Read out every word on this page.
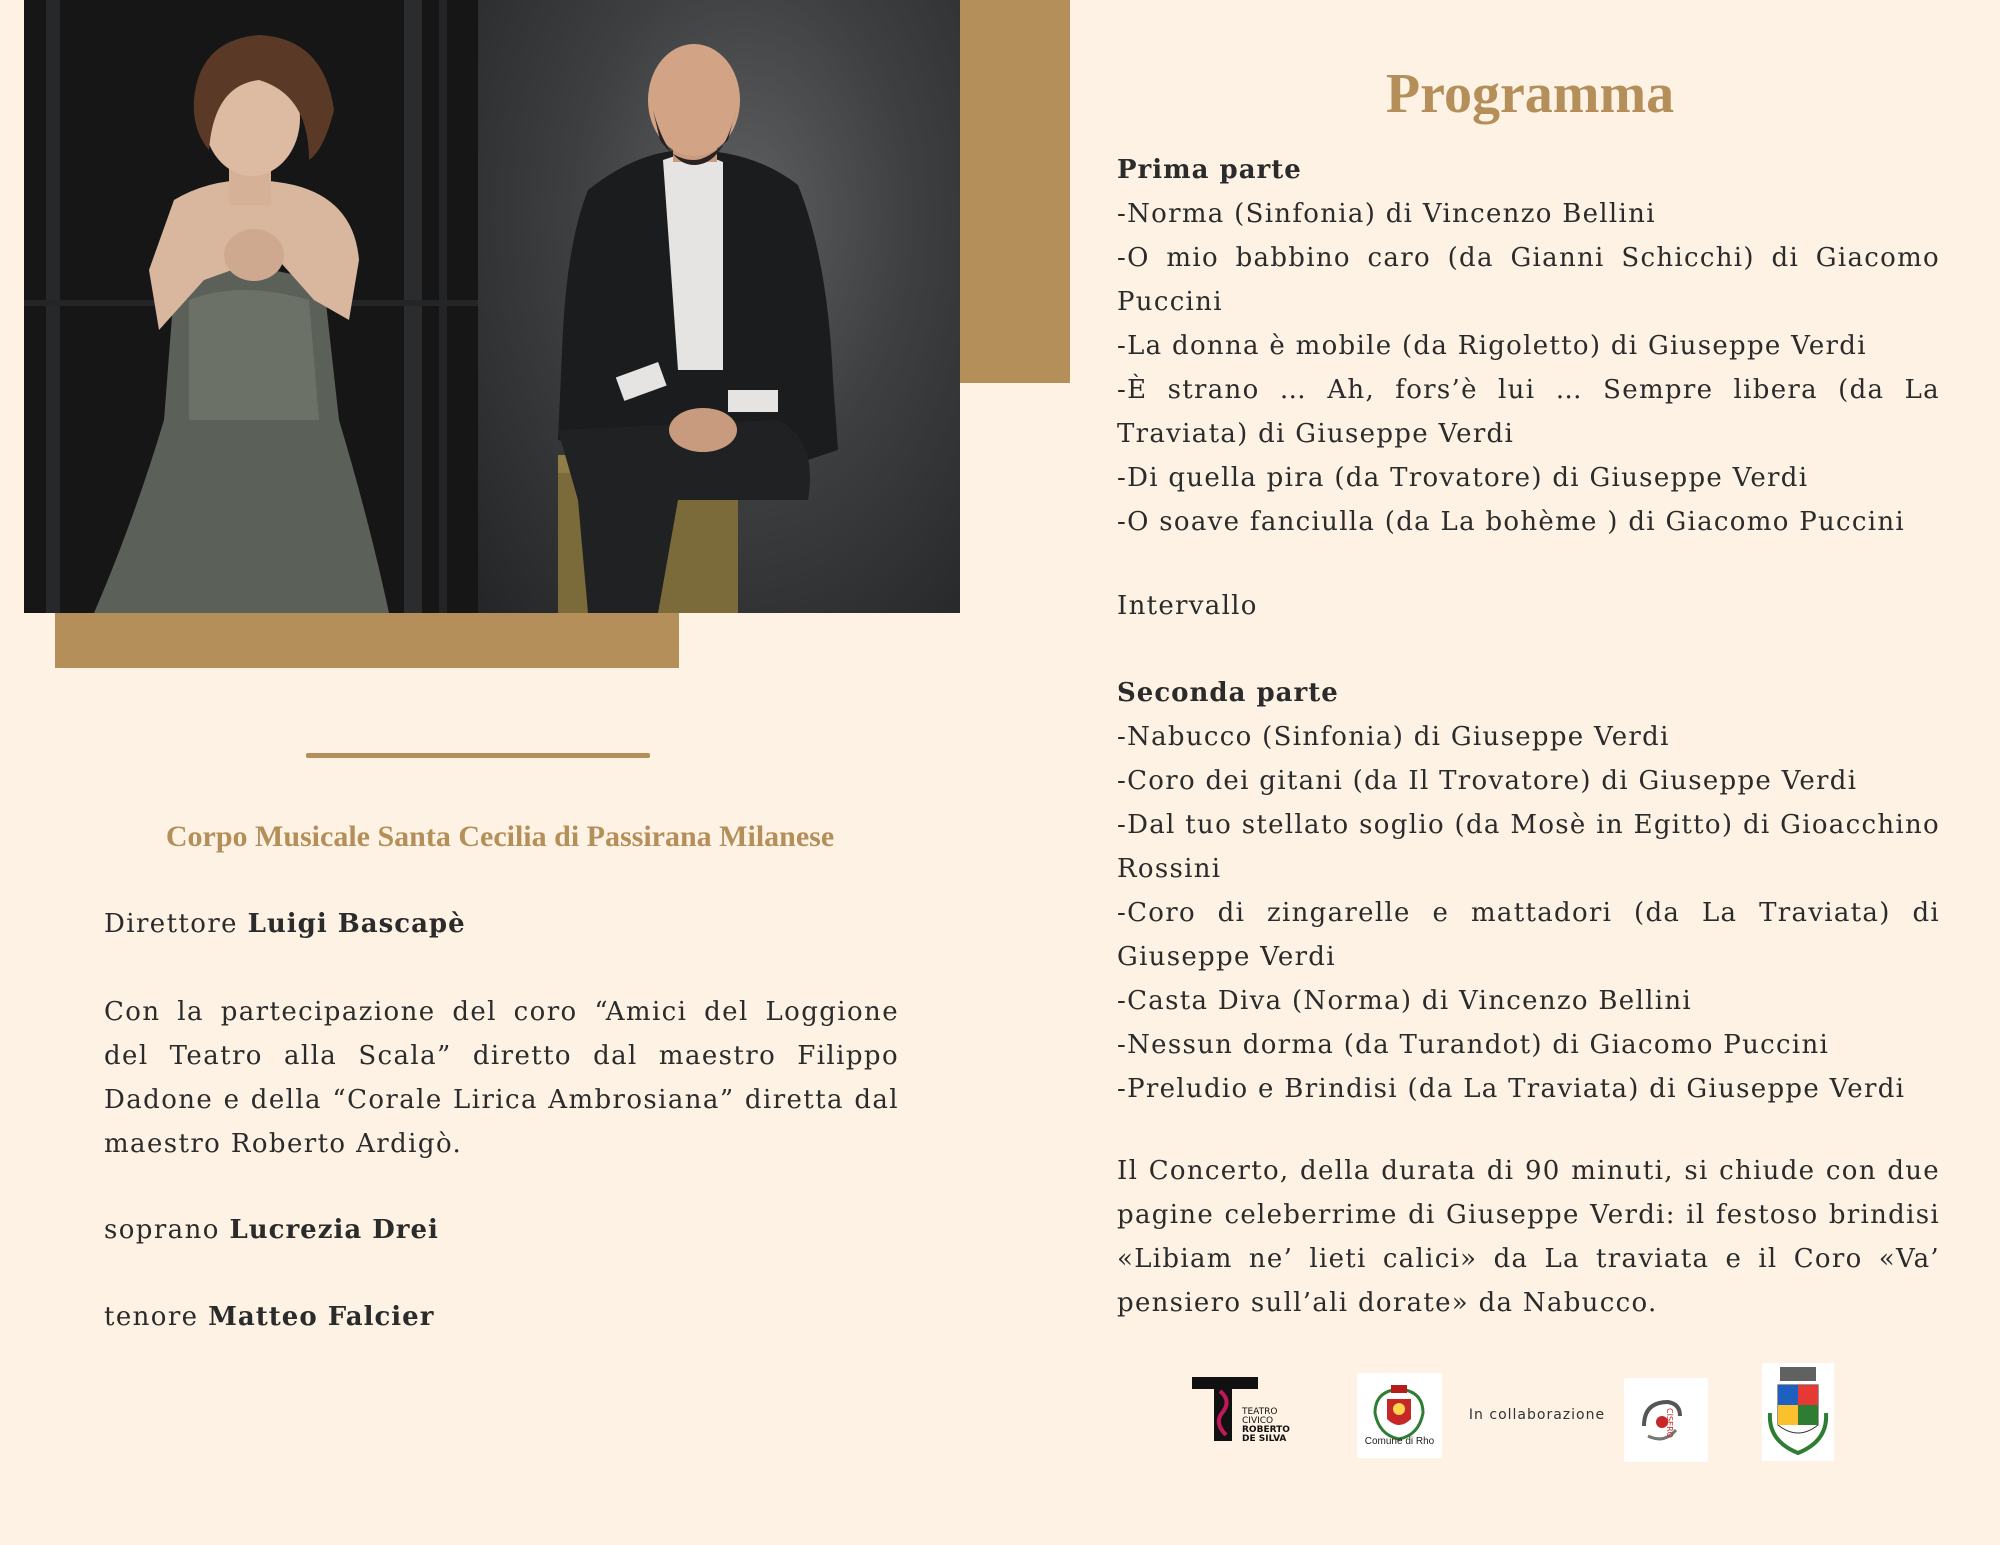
Corpo Musicale Santa Cecilia di Passirana Milanese
Direttore Luigi Bascapè
Con la partecipazione del coro “Amici del Loggione del Teatro alla Scala” diretto dal maestro Filippo Dadone e della “Corale Lirica Ambrosiana” diretta dal maestro Roberto Ardigò.
soprano Lucrezia Drei
tenore Matteo Falcier
Programma
Prima parte
-Norma (Sinfonia) di Vincenzo Bellini
-O mio babbino caro (da Gianni Schicchi) di Giacomo Puccini
-La donna è mobile (da Rigoletto) di Giuseppe Verdi
-È strano … Ah, fors’è lui … Sempre libera (da La Traviata) di Giuseppe Verdi
-Di quella pira (da Trovatore) di Giuseppe Verdi
-O soave fanciulla (da La bohème ) di Giacomo Puccini
Intervallo
Seconda parte
-Nabucco (Sinfonia) di Giuseppe Verdi
-Coro dei gitani (da Il Trovatore) di Giuseppe Verdi
-Dal tuo stellato soglio (da Mosè in Egitto) di Gioacchino Rossini
-Coro di zingarelle e mattadori (da La Traviata) di Giuseppe Verdi
-Casta Diva (Norma) di Vincenzo Bellini
-Nessun dorma (da Turandot) di Giacomo Puccini
-Preludio e Brindisi (da La Traviata) di Giuseppe Verdi
Il Concerto, della durata di 90 minuti, si chiude con due pagine celeberrime di Giuseppe Verdi: il festoso brindisi «Libiam ne’ lieti calici» da La traviata e il Coro «Va’ pensiero sull’ali dorate» da Nabucco.
TEATRO
CIVICO
ROBERTO
DE SILVA	Comune di Rho
In collaborazione	CISERO
